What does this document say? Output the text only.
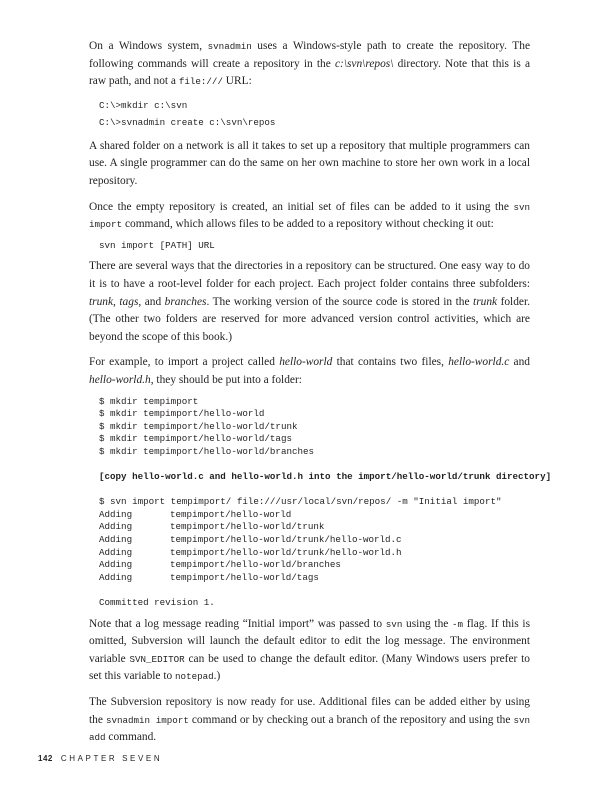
On a Windows system, svnadmin uses a Windows-style path to create the repository. The following commands will create a repository in the c:\svn\repos\ directory. Note that this is a raw path, and not a file:/// URL:

C:\>mkdir c:\svn
C:\>svnadmin create c:\svn\repos

A shared folder on a network is all it takes to set up a repository that multiple programmers can use. A single programmer can do the same on her own machine to store her own work in a local repository.

Once the empty repository is created, an initial set of files can be added to it using the svn import command, which allows files to be added to a repository without checking it out:

svn import [PATH] URL

There are several ways that the directories in a repository can be structured. One easy way to do it is to have a root-level folder for each project. Each project folder contains three subfolders: trunk, tags, and branches. The working version of the source code is stored in the trunk folder. (The other two folders are reserved for more advanced version control activities, which are beyond the scope of this book.)

For example, to import a project called hello-world that contains two files, hello-world.c and hello-world.h, they should be put into a folder:

$ mkdir tempimport
$ mkdir tempimport/hello-world
$ mkdir tempimport/hello-world/trunk
$ mkdir tempimport/hello-world/tags
$ mkdir tempimport/hello-world/branches

[copy hello-world.c and hello-world.h into the import/hello-world/trunk directory]

$ svn import tempimport/ file:///usr/local/svn/repos/ -m "Initial import"
Adding	tempimport/hello-world
Adding	tempimport/hello-world/trunk
Adding	tempimport/hello-world/trunk/hello-world.c
Adding	tempimport/hello-world/trunk/hello-world.h
Adding	tempimport/hello-world/branches
Adding	tempimport/hello-world/tags

Committed revision 1.

Note that a log message reading “Initial import” was passed to svn using the -m flag. If this is omitted, Subversion will launch the default editor to edit the log message. The environment variable SVN_EDITOR can be used to change the default editor. (Many Windows users prefer to set this variable to notepad.)

The Subversion repository is now ready for use. Additional files can be added either by using the svnadmin import command or by checking out a branch of the repository and using the svn add command.

142 CHAPTER SEVEN
